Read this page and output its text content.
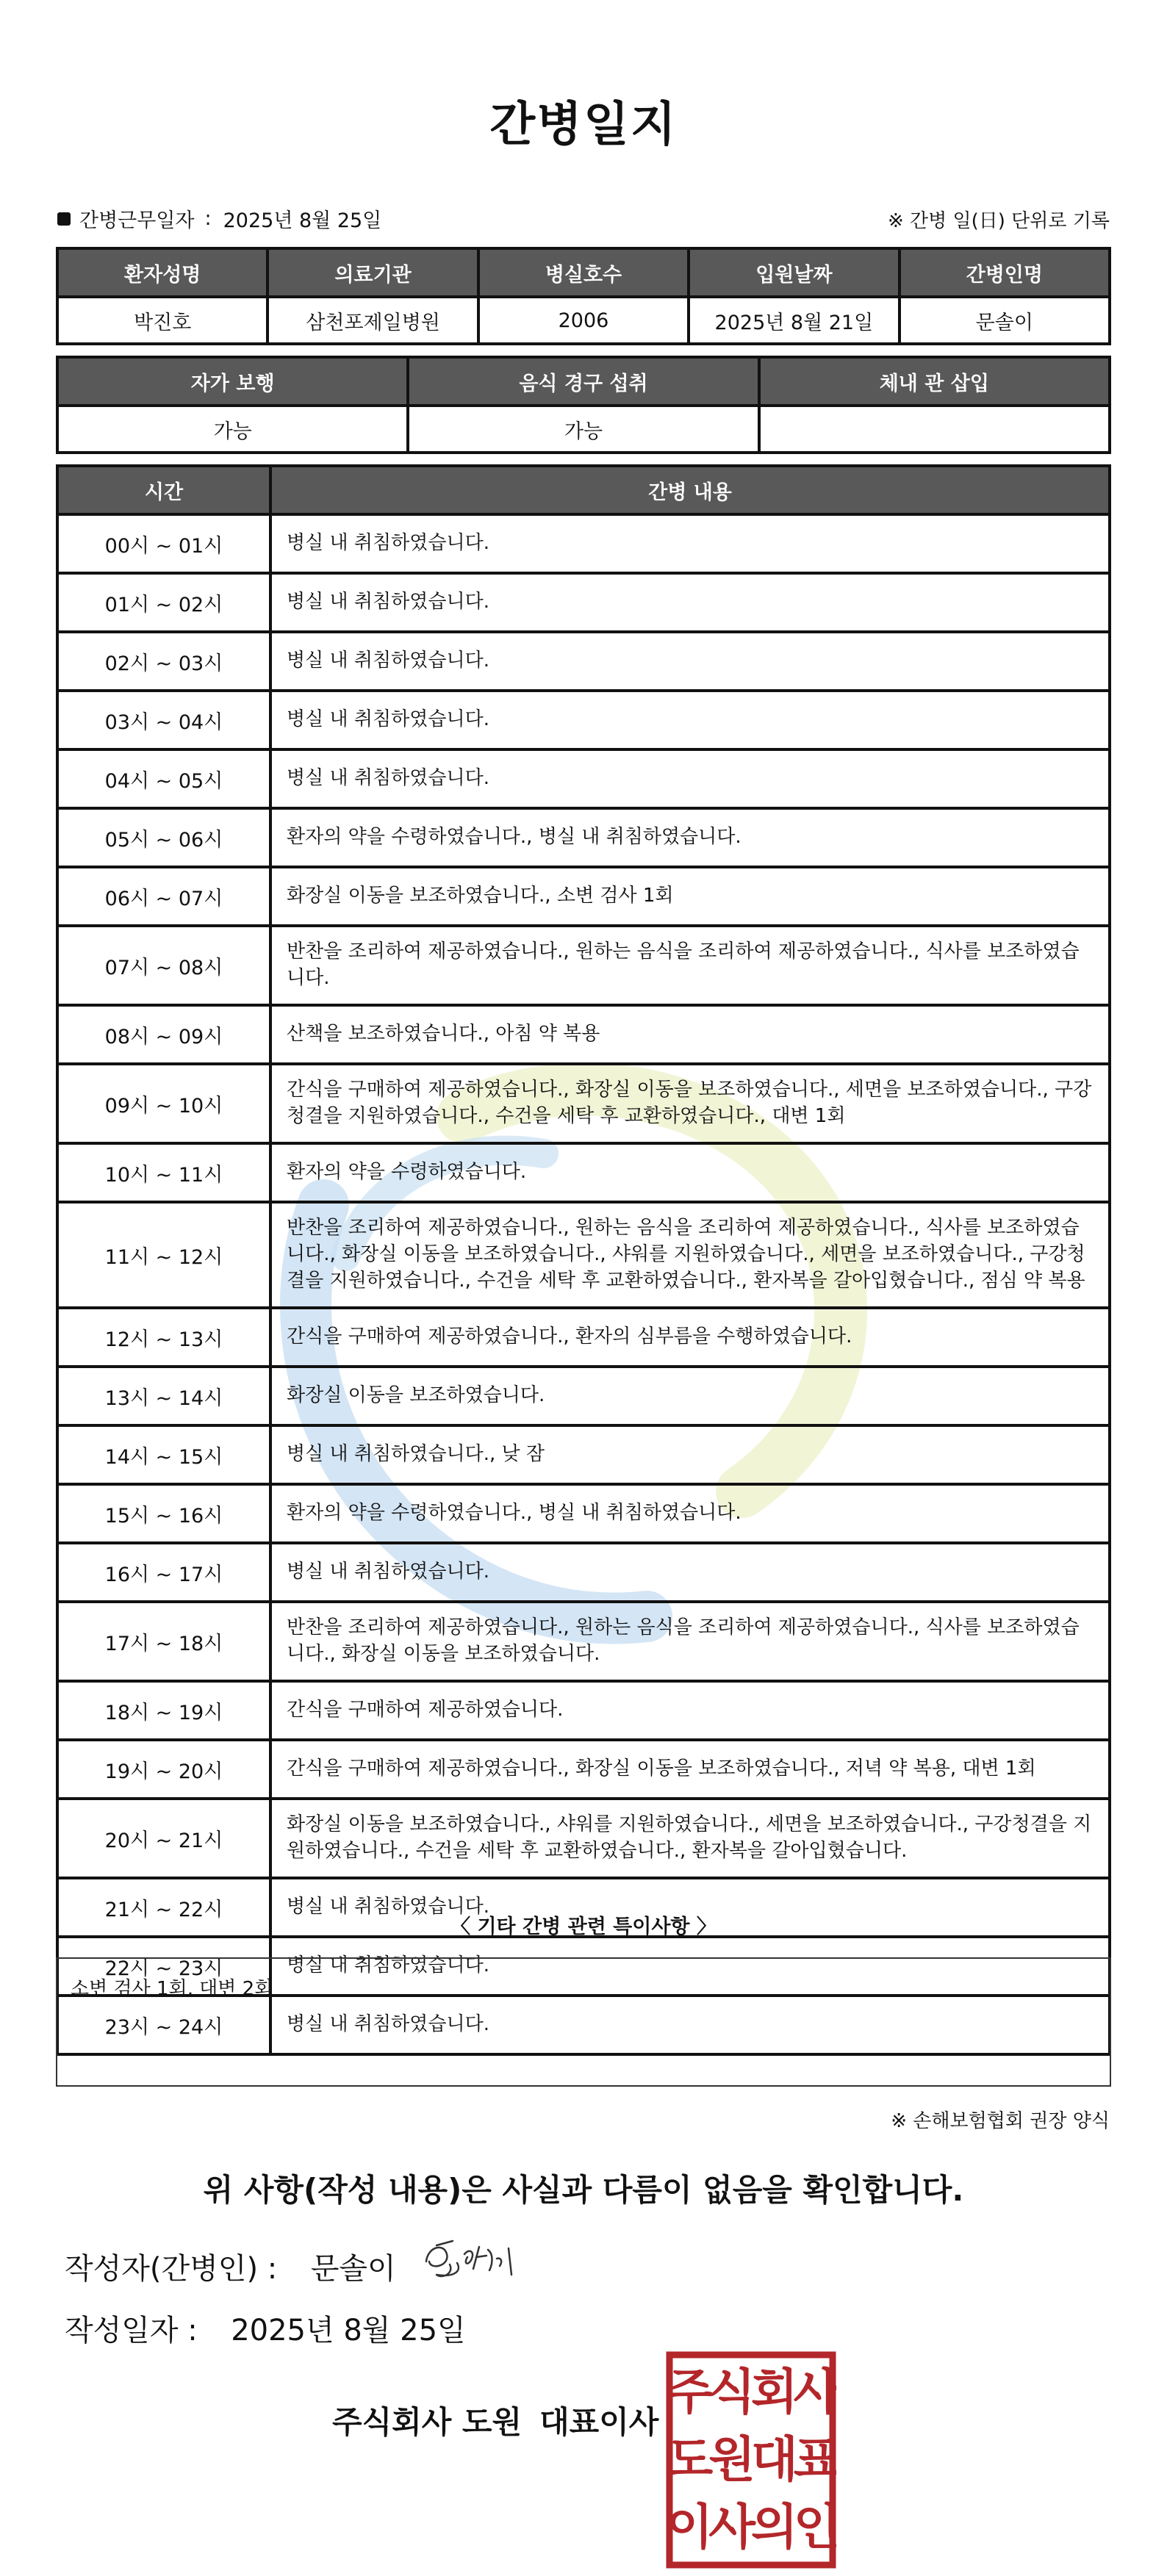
간병일지
간병근무일자 : 2025년 8월 25일	※ 간병 일(日) 단위로 기록
환자성명	의료기관	병실호수	입원날짜	간병인명
박진호	삼천포제일병원	2006	2025년 8월 21일	문솔이
자가 보행	음식 경구 섭취	체내 관 삽입
가능	가능	
시간	간병 내용
00시 ~ 01시	병실 내 취침하였습니다.
01시 ~ 02시	병실 내 취침하였습니다.
02시 ~ 03시	병실 내 취침하였습니다.
03시 ~ 04시	병실 내 취침하였습니다.
04시 ~ 05시	병실 내 취침하였습니다.
05시 ~ 06시	환자의 약을 수령하였습니다., 병실 내 취침하였습니다.
06시 ~ 07시	화장실 이동을 보조하였습니다., 소변 검사 1회
07시 ~ 08시	반찬을 조리하여 제공하였습니다., 원하는 음식을 조리하여 제공하였습니다., 식사를 보조하였습니다.
08시 ~ 09시	산책을 보조하였습니다., 아침 약 복용
09시 ~ 10시	간식을 구매하여 제공하였습니다., 화장실 이동을 보조하였습니다., 세면을 보조하였습니다., 구강청결을 지원하였습니다., 수건을 세탁 후 교환하였습니다., 대변 1회
10시 ~ 11시	환자의 약을 수령하였습니다.
11시 ~ 12시	반찬을 조리하여 제공하였습니다., 원하는 음식을 조리하여 제공하였습니다., 식사를 보조하였습니다., 화장실 이동을 보조하였습니다., 샤워를 지원하였습니다., 세면을 보조하였습니다., 구강청결을 지원하였습니다., 수건을 세탁 후 교환하였습니다., 환자복을 갈아입혔습니다., 점심 약 복용
12시 ~ 13시	간식을 구매하여 제공하였습니다., 환자의 심부름을 수행하였습니다.
13시 ~ 14시	화장실 이동을 보조하였습니다.
14시 ~ 15시	병실 내 취침하였습니다., 낮 잠
15시 ~ 16시	환자의 약을 수령하였습니다., 병실 내 취침하였습니다.
16시 ~ 17시	병실 내 취침하였습니다.
17시 ~ 18시	반찬을 조리하여 제공하였습니다., 원하는 음식을 조리하여 제공하였습니다., 식사를 보조하였습니다., 화장실 이동을 보조하였습니다.
18시 ~ 19시	간식을 구매하여 제공하였습니다.
19시 ~ 20시	간식을 구매하여 제공하였습니다., 화장실 이동을 보조하였습니다., 저녁 약 복용, 대변 1회
20시 ~ 21시	화장실 이동을 보조하였습니다., 샤워를 지원하였습니다., 세면을 보조하였습니다., 구강청결을 지원하였습니다., 수건을 세탁 후 교환하였습니다., 환자복을 갈아입혔습니다.
21시 ~ 22시	병실 내 취침하였습니다.
22시 ~ 23시	병실 내 취침하였습니다.
23시 ~ 24시	병실 내 취침하였습니다.
〈 기타 간병 관련 특이사항 〉
소변 검사 1회, 대변 2회
※ 손해보험협회 권장 양식
위 사항(작성 내용)은 사실과 다름이 없음을 확인합니다.
작성자(간병인) : 문솔이
작성일자 : 2025년 8월 25일
주식회사 도원 대표이사
주식회사
도원대표
이사의인
